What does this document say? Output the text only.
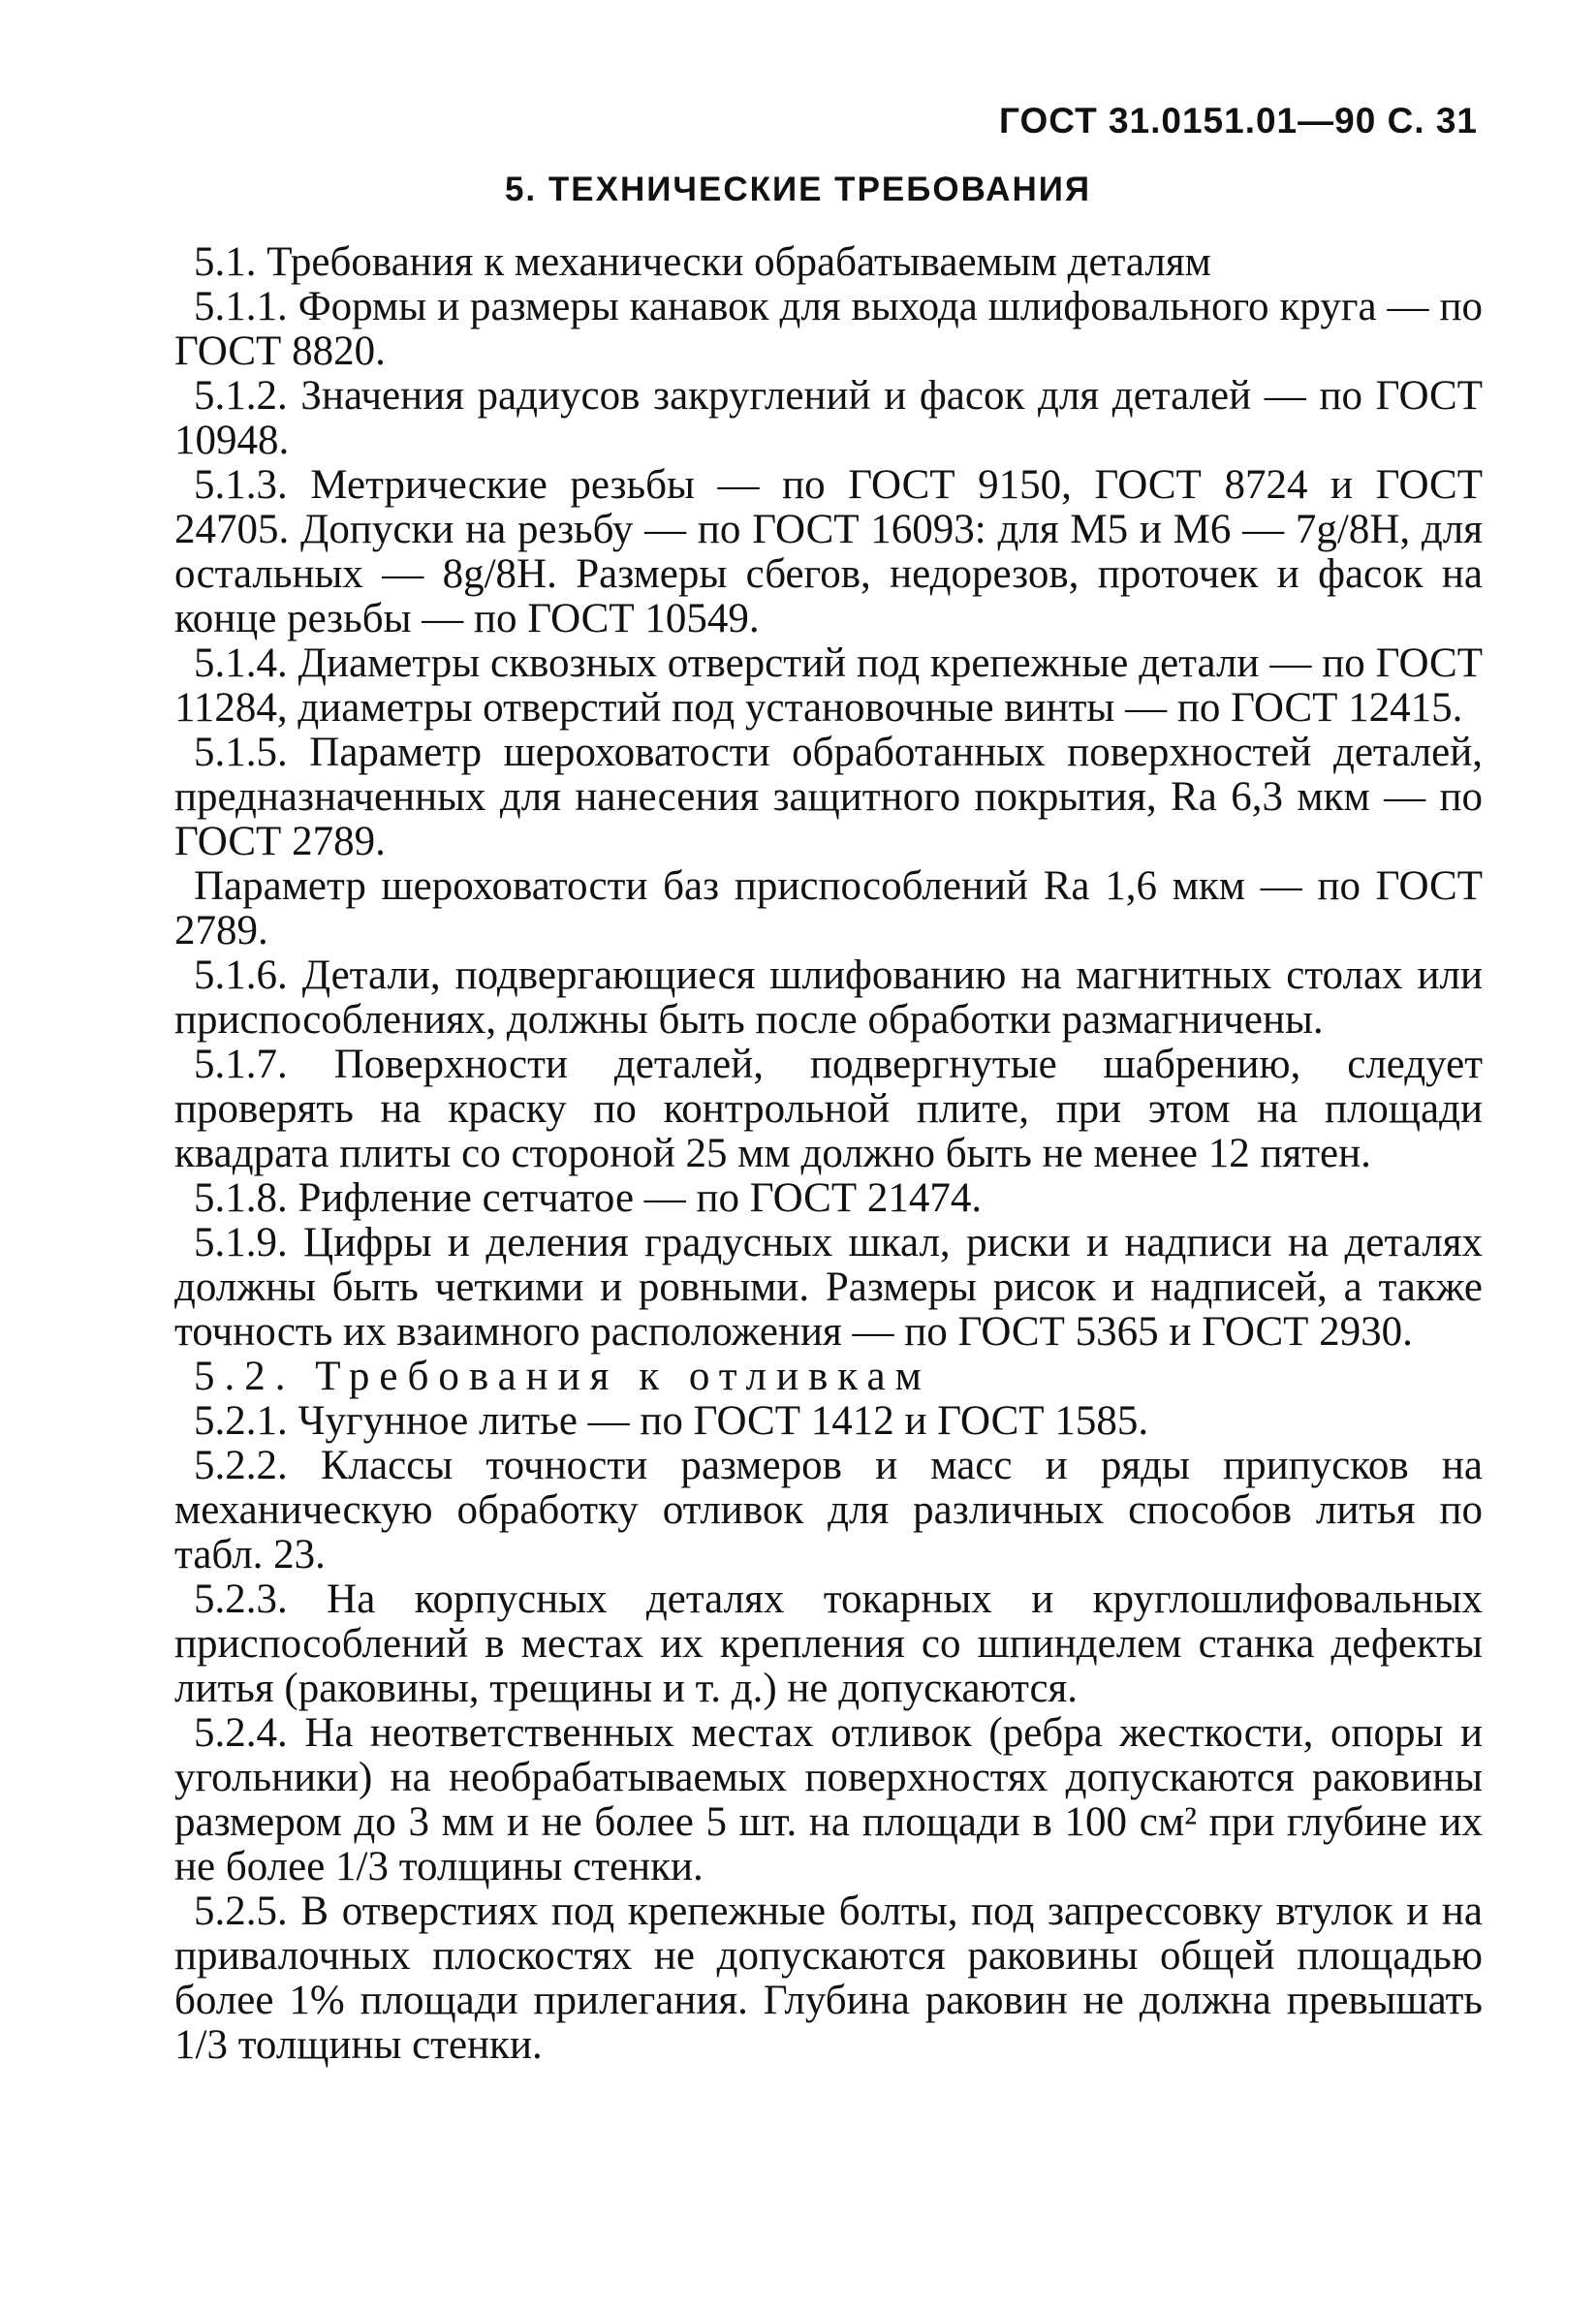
ГОСТ 31.0151.01—90 С. 31
5. ТЕХНИЧЕСКИЕ ТРЕБОВАНИЯ

5.1. Требования к механически обрабатываемым деталям

5.1.1. Формы и размеры канавок для выхода шлифовального круга — по ГОСТ 8820.

5.1.2. Значения радиусов закруглений и фасок для деталей — по ГОСТ 10948.

5.1.3. Метрические резьбы — по ГОСТ 9150, ГОСТ 8724 и ГОСТ 24705. Допуски на резьбу — по ГОСТ 16093: для М5 и М6 — 7g/8H, для остальных — 8g/8H. Размеры сбегов, недорезов, проточек и фасок на конце резьбы — по ГОСТ 10549.

5.1.4. Диаметры сквозных отверстий под крепежные детали — по ГОСТ 11284, диаметры отверстий под установочные винты — по ГОСТ 12415.

5.1.5. Параметр шероховатости обработанных поверхностей деталей, предназначенных для нанесения защитного покрытия, Ra 6,3 мкм — по ГОСТ 2789.

Параметр шероховатости баз приспособлений Ra 1,6 мкм — по ГОСТ 2789.

5.1.6. Детали, подвергающиеся шлифованию на магнитных столах или приспособлениях, должны быть после обработки размагничены.

5.1.7. Поверхности деталей, подвергнутые шабрению, следует проверять на краску по контрольной плите, при этом на площади квадрата плиты со стороной 25 мм должно быть не менее 12 пятен.

5.1.8. Рифление сетчатое — по ГОСТ 21474.

5.1.9. Цифры и деления градусных шкал, риски и надписи на деталях должны быть четкими и ровными. Размеры рисок и надписей, а также точность их взаимного расположения — по ГОСТ 5365 и ГОСТ 2930.

5.2. Требования к отливкам

5.2.1. Чугунное литье — по ГОСТ 1412 и ГОСТ 1585.

5.2.2. Классы точности размеров и масс и ряды припусков на механическую обработку отливок для различных способов литья по табл. 23.

5.2.3. На корпусных деталях токарных и круглошлифовальных приспособлений в местах их крепления со шпинделем станка дефекты литья (раковины, трещины и т. д.) не допускаются.

5.2.4. На неответственных местах отливок (ребра жесткости, опоры и угольники) на необрабатываемых поверхностях допускаются раковины размером до 3 мм и не более 5 шт. на площади в 100 см² при глубине их не более 1/3 толщины стенки.

5.2.5. В отверстиях под крепежные болты, под запрессовку втулок и на привалочных плоскостях не допускаются раковины общей площадью более 1% площади прилегания. Глубина раковин не должна превышать 1/3 толщины стенки.
